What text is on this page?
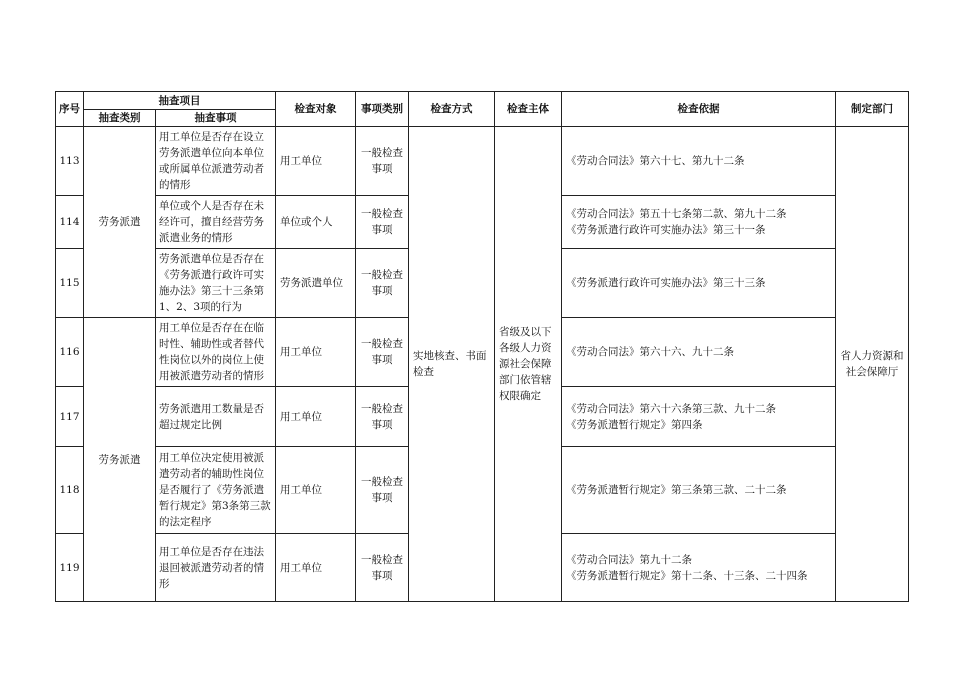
序号	抽查项目		检查对象	事项类别	检查方式	检查主体	检查依据	制定部门
	抽查类别	抽查事项						
113	劳务派遣	用工单位是否存在设立劳务派遣单位向本单位或所属单位派遣劳动者的情形	用工单位	一般检查事项	实地核查、书面检查	省级及以下各级人力资源社会保障部门依管辖权限确定	《劳动合同法》第六十七、第九十二条	省人力资源和社会保障厅
114		单位或个人是否存在未经许可，擅自经营劳务派遣业务的情形	单位或个人	一般检查事项			《劳动合同法》第五十七条第二款、第九十二条
《劳务派遣行政许可实施办法》第三十一条	

115		劳务派遣单位是否存在《劳务派遣行政许可实施办法》第三十三条第1、2、3项的行为	劳务派遣单位	一般检查事项			《劳务派遣行政许可实施办法》第三十三条	

116	劳务派遣	用工单位是否存在在临时性、辅助性或者替代性岗位以外的岗位上使用被派遣劳动者的情形	用工单位	一般检查事项			《劳动合同法》第六十六、九十二条	

117		劳务派遣用工数量是否超过规定比例	用工单位	一般检查事项			《劳动合同法》第六十六条第三款、九十二条
《劳务派遣暂行规定》第四条	

118		用工单位决定使用被派遣劳动者的辅助性岗位是否履行了《劳务派遣暂行规定》第3条第三款的法定程序	用工单位	一般检查事项			《劳务派遣暂行规定》第三条第三款、二十二条	

119		用工单位是否存在违法退回被派遣劳动者的情形	用工单位	一般检查事项			《劳动合同法》第九十二条
《劳务派遣暂行规定》第十二条、十三条、二十四条	
